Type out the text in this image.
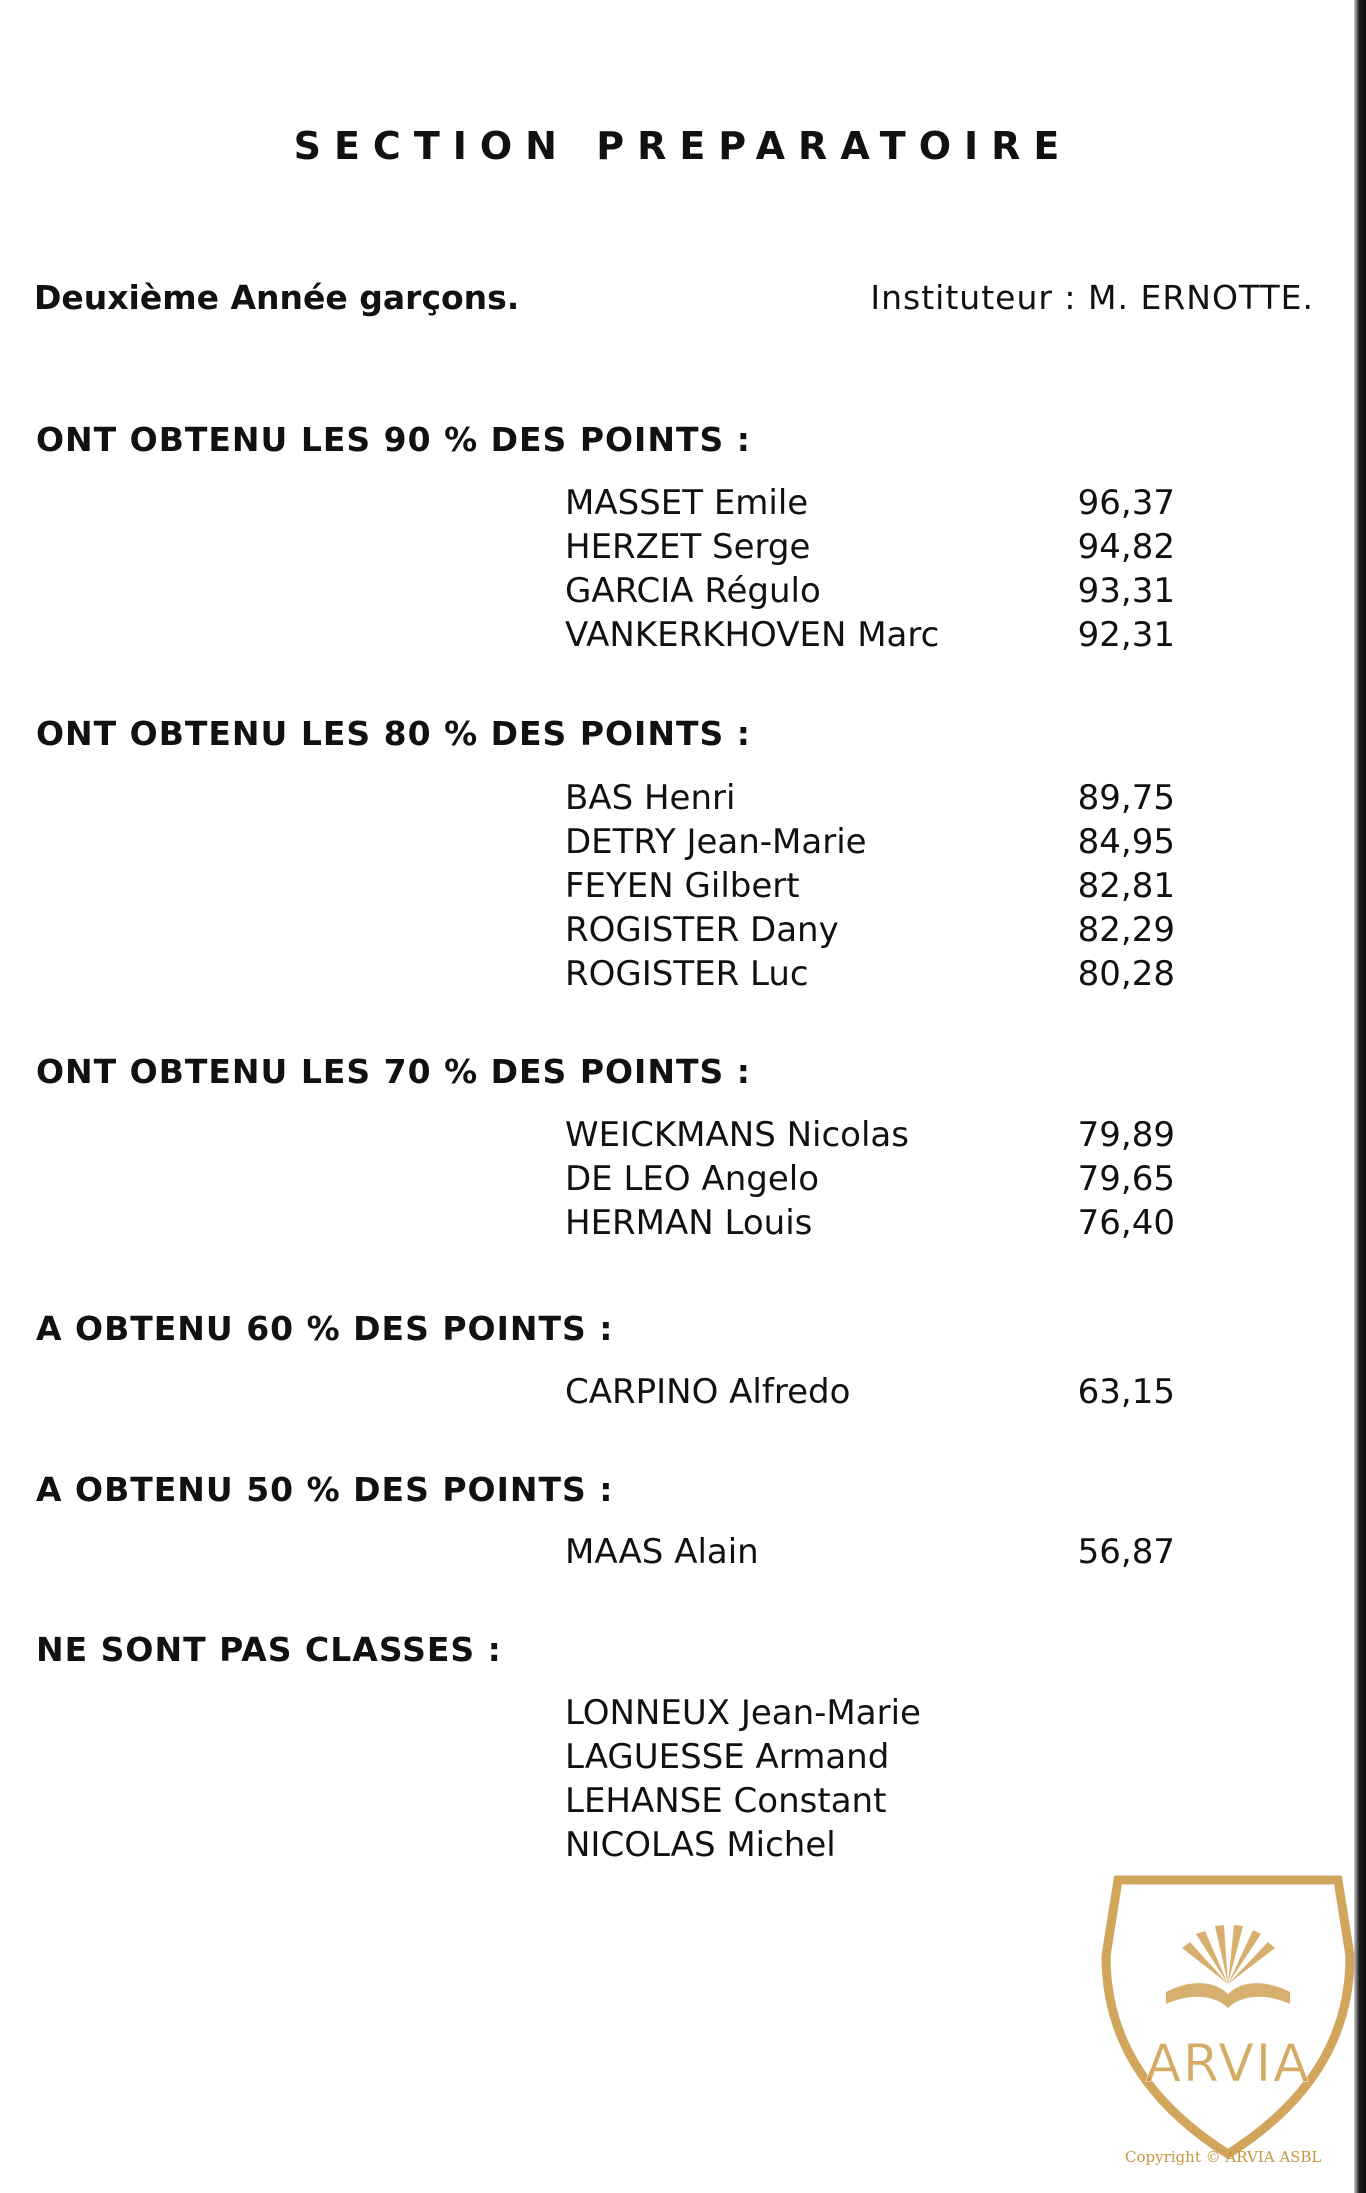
SECTION PREPARATOIRE
Deuxième Année garçons.	Instituteur : M. ERNOTTE.
ONT OBTENU LES 90 % DES POINTS :
MASSET Emile	96,37
HERZET Serge	94,82
GARCIA Régulo	93,31
VANKERKHOVEN Marc	92,31
ONT OBTENU LES 80 % DES POINTS :
BAS Henri	89,75
DETRY Jean-Marie	84,95
FEYEN Gilbert	82,81
ROGISTER Dany	82,29
ROGISTER Luc	80,28
ONT OBTENU LES 70 % DES POINTS :
WEICKMANS Nicolas	79,89
DE LEO Angelo	79,65
HERMAN Louis	76,40
A OBTENU 60 % DES POINTS :
CARPINO Alfredo	63,15
A OBTENU 50 % DES POINTS :
MAAS Alain	56,87
NE SONT PAS CLASSES :
LONNEUX Jean-Marie
LAGUESSE Armand
LEHANSE Constant
NICOLAS Michel
ARVIA
Copyright © ARVIA ASBL
